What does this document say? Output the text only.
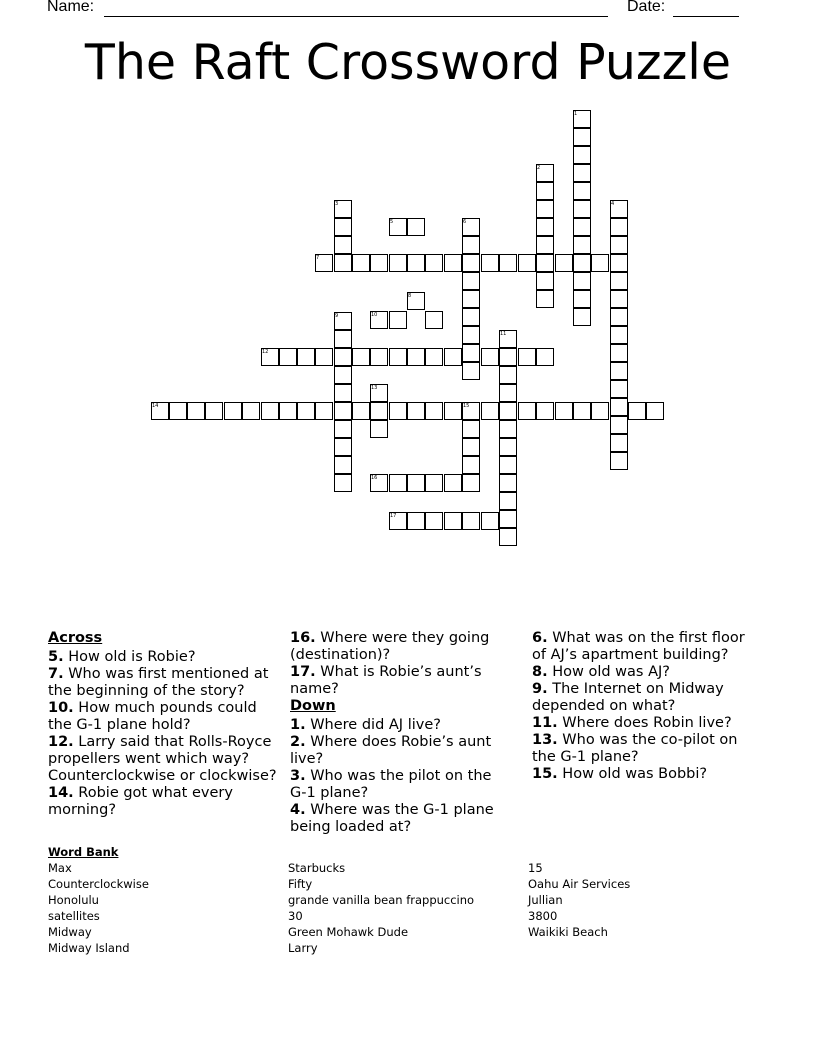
Name:	Date:
The Raft Crossword Puzzle
1
2
3	4
5	6
7
8
9	10
11
12
13
14	15
16
17
Across
5. How old is Robie?
7. Who was first mentioned at the beginning of the story?
10. How much pounds could the G-1 plane hold?
12. Larry said that Rolls-Royce propellers went which way? Counterclockwise or clockwise?
14. Robie got what every morning?
16. Where were they going (destination)?
17. What is Robie’s aunt’s name?
Down
1. Where did AJ live?
2. Where does Robie’s aunt live?
3. Who was the pilot on the G-1 plane?
4. Where was the G-1 plane being loaded at?
6. What was on the first floor of AJ’s apartment building?
8. How old was AJ?
9. The Internet on Midway depended on what?
11. Where does Robin live?
13. Who was the co-pilot on the G-1 plane?
15. How old was Bobbi?
Word Bank
Max
Counterclockwise
Honolulu
satellites
Midway
Midway Island
Starbucks
Fifty
grande vanilla bean frappuccino
30
Green Mohawk Dude
Larry
15
Oahu Air Services
Jullian
3800
Waikiki Beach
